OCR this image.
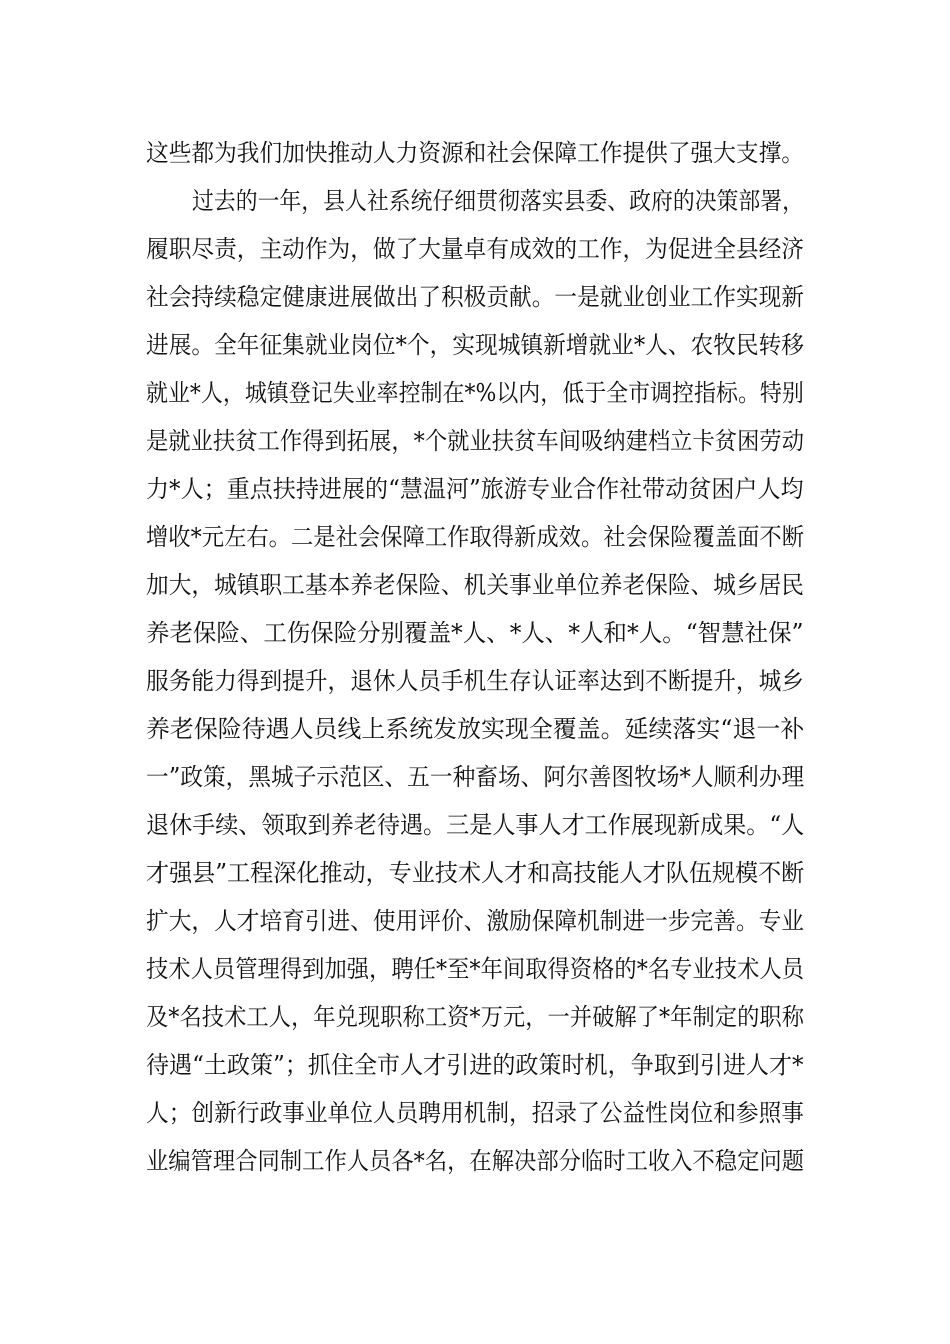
这些都为我们加快推动人力资源和社会保障工作提供了强大支撑。
过去的一年，县人社系统仔细贯彻落实县委、政府的决策部署，
履职尽责，主动作为，做了大量卓有成效的工作，为促进全县经济
社会持续稳定健康进展做出了积极贡献。一是就业创业工作实现新
进展。全年征集就业岗位*个，实现城镇新增就业*人、农牧民转移
就业*人，城镇登记失业率控制在*%以内，低于全市调控指标。特别
是就业扶贫工作得到拓展，*个就业扶贫车间吸纳建档立卡贫困劳动
力*人；重点扶持进展的“慧温河”旅游专业合作社带动贫困户人均
增收*元左右。二是社会保障工作取得新成效。社会保险覆盖面不断
加大，城镇职工基本养老保险、机关事业单位养老保险、城乡居民
养老保险、工伤保险分别覆盖*人、*人、*人和*人。“智慧社保”
服务能力得到提升，退休人员手机生存认证率达到不断提升，城乡
养老保险待遇人员线上系统发放实现全覆盖。延续落实“退一补
一”政策，黑城子示范区、五一种畜场、阿尔善图牧场*人顺利办理
退休手续、领取到养老待遇。三是人事人才工作展现新成果。“人
才强县”工程深化推动，专业技术人才和高技能人才队伍规模不断
扩大，人才培育引进、使用评价、激励保障机制进一步完善。专业
技术人员管理得到加强，聘任*至*年间取得资格的*名专业技术人员
及*名技术工人，年兑现职称工资*万元，一并破解了*年制定的职称
待遇“土政策”；抓住全市人才引进的政策时机，争取到引进人才*
人；创新行政事业单位人员聘用机制，招录了公益性岗位和参照事
业编管理合同制工作人员各*名，在解决部分临时工收入不稳定问题
